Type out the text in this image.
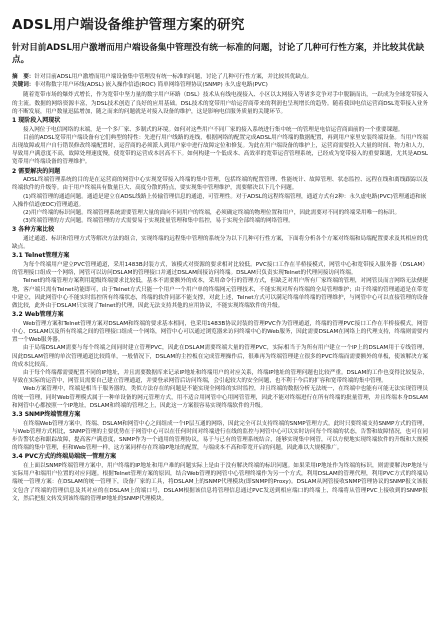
ADSL用户端设备维护管理方案的研究
针对目前ADSL用户激增而用户端设备集中管理没有统一标准的问题，讨论了几种可行性方案，并比较其优缺点。

摘　要：针对目前ADSL用户激增而用户端设备集中管理没有统一标准的问题，讨论了几种可行性方案，并比较其优缺点。

关键词：非对称数字用户环线(ADSL) 嵌入操作信道(ROC) 简单网络管理协议(SNMP) 永久虚电路(PVC)

随着宽带市场的爆炸式增长，作为宽带中坚力量的数字用户环路（DSL）技术从有线电视接入、小区以太网接入等诸多竞争对手中脱颖而出，一跃成为全球宽带接入的主流。数据的网络资源丰富，为DSL技术创造了良好的应用基础。DSL技术的宽带用户给运营商带来的利润也呈现增长的趋势。随着我国电信运营商DSL宽带接入业务的不断发展，用户数量迅猛增加，随之而来的问题就是对接入设备的维护，这是影响电信服务质量的关键环节。

1 现阶段入网现状

接入网位于电信网络的末端，是一个多厂家、多制式的环境。如何对这些用户不同厂家的接入系统进行集中统一的管理是电信运营商面前的一个重要课题。

目前的ADSL宽带用户端设备有它们典型的特性：先进行用户线路的连线，根据网络的配置完成ADSL用户终端的数据配置，再到用户家里安装终端设备。当用户终端出现故障或用户自行错误修改终端配置时，运营商的必须派人到用户家中进行故障定位和修复。为此在用户端设备的维护上，运营商需要投入大量的时间、物力和人力，导致用户满意度不高，故障处理速度慢，使宽带的运营成本居高不下。如何构建一个低成本、高效率的宽带运营管理系统，已经成为宽带接入的重要课题，尤其是ADSL宽带用户终端设备的管理维护。

2 需要解决的问题

ADSL终端管理系统的目的是在运营商的网管中心实现宽带接入终端的集中管理，包括终端的配置管理、性能统计、故障管理、状态监控、远程在线和离线跟踪以及终端软件的升级等。由于用户终端具有数量巨大、高度分散的特点，要实现集中管理维护，需要解决以下几个问题。

(1)终端管理的通道问题。通道是建立在ADSL线路上传输管理信息的通道，可管理性。对于ADSL的远程终端管理，通道方式有2种：永久虚电路(PVC)管理通道和嵌入操作信道(EOC)管理通道。

(2)用户终端的标识问题。终端管理系统需要管理大量的面向不同用户的终端，必须确定终端的物理位置和用户，因此需要对不同的终端采用唯一的标识。

(3)终端管理的方式问题。终端管理的方式需要易于实现批量管理和集中监控，易于实现全部终端的网络管理。

3 各种方案比较

通过通道、标识和管理方式等解决方法的组合，实现终端的远程集中管理的系统分为以下几种可行性方案，下面将分析各个方案对终端和局端配置要求及其相应的优缺点。

3.1 Telnet管理方案

为每个终端用户建立PVC管理通道，采用1483B封装方式，该模式对资源的要求相对比较低。PVC接口工作在半桥接模式，网管中心和宽带接入服务器（DSLAM）的管理接口组成一个网络，网管可以访问DSLAM的管理接口并通过DSLAM间接访问终端。DSLAM只负责实现Telnet的代理问接访问终端。

Telnet的终端管理方案利用超级终端要求比较低，基本不需要额外的成本，采用命令行的管理方式，但缺乏对用户所有厂家终端的管理，对网管员而言网络无法便捷地，客户端只需有Telnet功能即可，由于Telnet方式只能一个用户一个用户单的终端网元管理技术，不能实现对所有终端的全局管理维护；由于终端的管理通道是在带宽中建立，因此网管中心不能实时监控所有终端状态，终端的软件同部不能支撑，对此上述，Telnet方式可以满足终端单终端的管理维护，与网管中心可以直接管理的设备做比较，此外由于DSLAM只实现了Telnet的代理，因此无法支持其他的应用协议，不能实现终端软件的升级。

3.2 Web管理方案

Web管理方案和Telnet管理方案对DSLAM和终端的要求基本相同，也采用1483B协议封装的管理PVC作为管理通道，终端的管理PVC接口工作在半桥接模式，网管中心、DSLAM以及所有终端之间的管理接口组成一个网络，网管中心可以通过浏览器来访问终端中心的Web服务，因此需要DSLAM在网络上的代理支持，终端则需要内置一个Web服务器。

由于局端DSLAM需要与每个终端之间同时建立管理PVC，因此在DSLAM需要终端大量的管理PVC，实际相当于为所有用户建立一个IP上的DSLAM用于专线管理，因此DSLAM管理的单次管理通道比较简单，一般情况下，DSLAM的主控板在完成管理操作后，很难再为终端管理建立很多的PVC终端而需要额外的单板，使该解决方案的成本比较高。

由于每个终端都需要配置不同的IP地址，并且需要数据库来记录IP地址和终端用户的对应关系，终端IP地址的管理问题也比较严重。DSLAM的工作也变得比较复杂，导致在实际的运营中，网管员需要自己建立管理通道，并要登录网管后访问终端，会引起较大的安全问题，也不利于今后的扩容和宽带终端的集中管理。

Web方案管理中，终端是相当于服务器的，类似方法存在的问题是不能实现全网络的实时监控，并且终端的数据分析无法统一，在终端中也能有可能无法实现管理员的统一管理，同时Web管理模式属于一种单设备的网元管理方式，用不适合用网管中心用网管管理，因此不能对终端进行在所有终端的批量管理，并且终端本身DSLAM和网管中心都按照一个IP地址，DSLAM和终端的管理之上，因此这一方案很容易实现终端软件的升级。

3.3 SNMP终端管理方案

在终端Web管理方案中，终端、DSLAM和网管中心之间组成一个IP层互通的网络，因此完全可以支持终端的SNMP管理方式。此时只要终端支持SNMP方式的管理，与Web管理方式相比，SNMP管理的主要优势在于网管中心可以在任何时间对终端进行在线的监控与网管中心可以实时访问每个终端的状态，告警和故障情况，也可在同步告警状态和跟踪故障，提高客户满意度，SNMP作为一个通用的管理协议，易于与已有的管理系统结合，能够实现集中网管，可以方便地实现终端软件的升级和大规模的终端的集中管理，但和Web管理一样，这方案同样存在终端IP地址的配置，与端成本不高和带宽开启的问题，因此难以大规模推广。

3.4 PVC方式的终端局端统一管理方案

在上面以SNMP终端管理方案中，用户终端的IP地址和用户难的问题实际上是由于没有解决终端的标识问题。如果采用IP地址作为终端的标识，则需要解决IP地址与实际用户和端用户位置的对应问题。根据Telnet管理方案的原因，结合Web管理的网管中心管理终端作为另一个方式，利用DSLAM的管理代理，利用PVC方式的终端局端统一管理方案：在DSLAM的统一管理下，设备厂家的工具，将DSLAM上的SNMP代理模块(即SNMP的Proxy)。DSLAM从网管接收SNMP管理协议的SNMP报文该报文包含了终端的管理信息及其对应的在DSLAM上的端口号，DSLAM根据该信息将管理信息通过PVC发送到相应端口的终端上，终端将从管理PVC上接收到的SNMP报文，然后把报文转发到该终端的管理IP地址的SNMP代理模块。
